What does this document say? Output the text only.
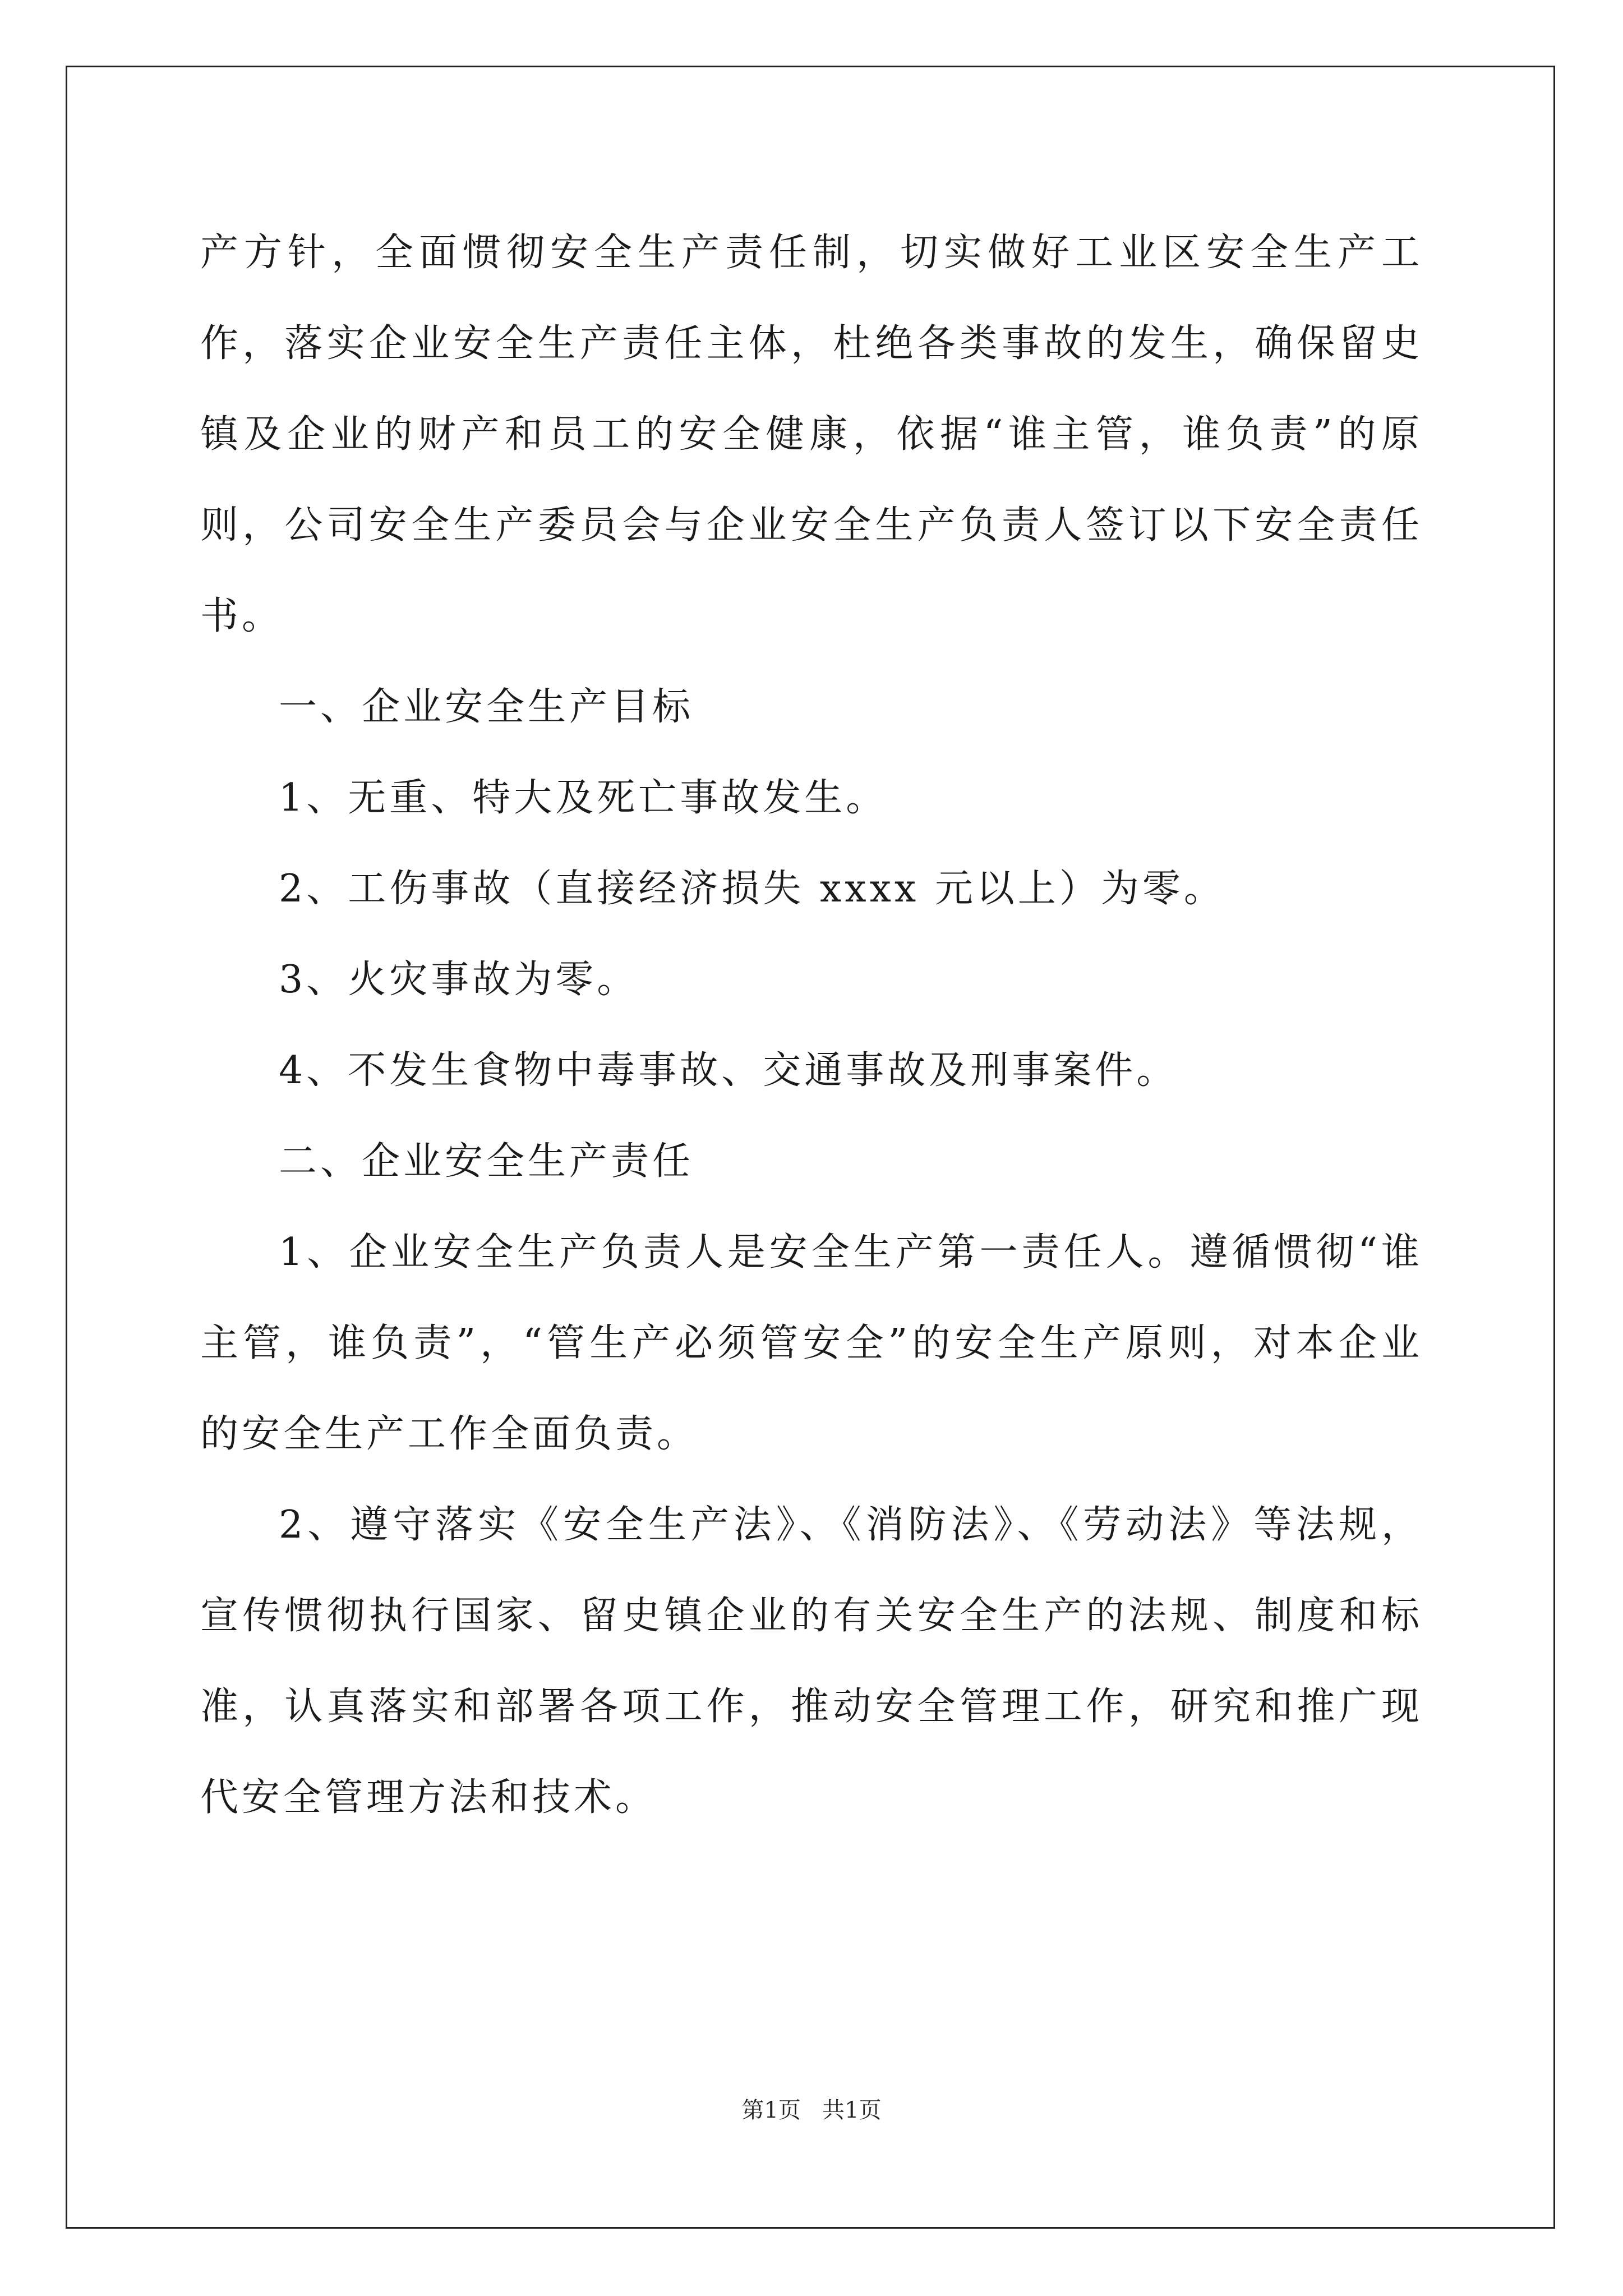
产方针，全面惯彻安全生产责任制，切实做好工业区安全生产工作，落实企业安全生产责任主体，杜绝各类事故的发生，确保留史镇及企业的财产和员工的安全健康，依据“谁主管，谁负责”的原则，公司安全生产委员会与企业安全生产负责人签订以下安全责任书。

一、企业安全生产目标

1、无重、特大及死亡事故发生。

2、工伤事故（直接经济损失 xxxx 元以上）为零。

3、火灾事故为零。

4、不发生食物中毒事故、交通事故及刑事案件。

二、企业安全生产责任

1、企业安全生产负责人是安全生产第一责任人。遵循惯彻“谁主管，谁负责”，“管生产必须管安全”的安全生产原则，对本企业的安全生产工作全面负责。

2、遵守落实《安全生产法》、《消防法》、《劳动法》等法规，宣传惯彻执行国家、留史镇企业的有关安全生产的法规、制度和标准，认真落实和部署各项工作，推动安全管理工作，研究和推广现代安全管理方法和技术。

第1页   共1页
